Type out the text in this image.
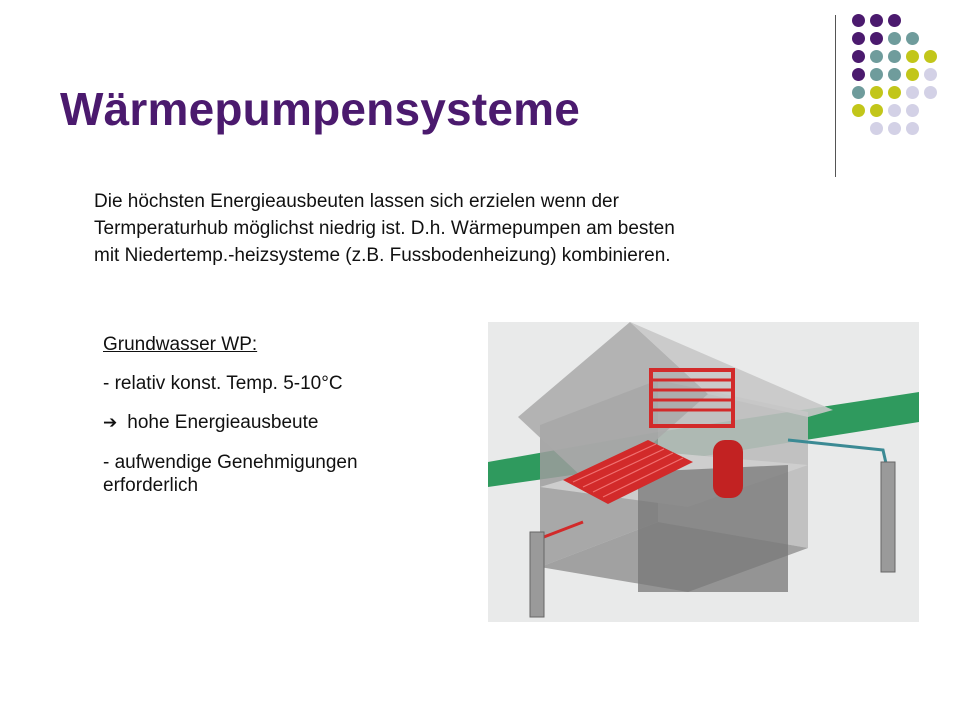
Wärmepumpensysteme
Die höchsten Energieausbeuten lassen sich erzielen wenn der
Termperaturhub möglichst niedrig ist. D.h. Wärmepumpen am besten
mit Niedertemp.-heizsysteme (z.B. Fussbodenheizung) kombinieren.
Grundwasser WP:
- relativ konst. Temp. 5-10°C
➔ hohe Energieausbeute
- aufwendige Genehmigungen
erforderlich
